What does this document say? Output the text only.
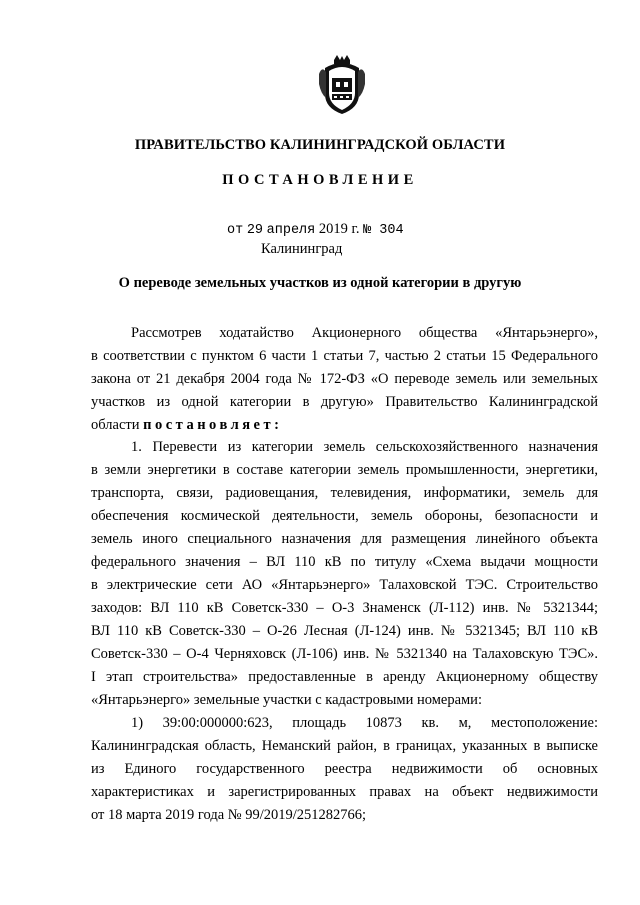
ПРАВИТЕЛЬСТВО КАЛИНИНГРАДСКОЙ ОБЛАСТИ
ПОСТАНОВЛЕНИЕ
от 29 апреля 2019 г. № 304
Калининград
О переводе земельных участков из одной категории в другую
Рассмотрев ходатайство Акционерного общества «Янтарьэнерго»,
в соответствии с пунктом 6 части 1 статьи 7, частью 2 статьи 15 Федерального
закона от 21 декабря 2004 года № 172-ФЗ «О переводе земель или земельных
участков из одной категории в другую» Правительство Калининградской
области постановляет:
1. Перевести из категории земель сельскохозяйственного назначения
в земли энергетики в составе категории земель промышленности, энергетики,
транспорта, связи, радиовещания, телевидения, информатики, земель для
обеспечения космической деятельности, земель обороны, безопасности и
земель иного специального назначения для размещения линейного объекта
федерального значения – ВЛ 110 кВ по титулу «Схема выдачи мощности
в электрические сети АО «Янтарьэнерго» Талаховской ТЭС. Строительство
заходов: ВЛ 110 кВ Советск-330 – О-3 Знаменск (Л-112) инв. № 5321344;
ВЛ 110 кВ Советск-330 – О-26 Лесная (Л-124) инв. № 5321345; ВЛ 110 кВ
Советск-330 – О-4 Черняховск (Л-106) инв. № 5321340 на Талаховскую ТЭС».
I этап строительства» предоставленные в аренду Акционерному обществу
«Янтарьэнерго» земельные участки с кадастровыми номерами:
1) 39:00:000000:623, площадь 10873 кв. м, местоположение:
Калининградская область, Неманский район, в границах, указанных в выписке
из Единого государственного реестра недвижимости об основных
характеристиках и зарегистрированных правах на объект недвижимости
от 18 марта 2019 года № 99/2019/251282766;
